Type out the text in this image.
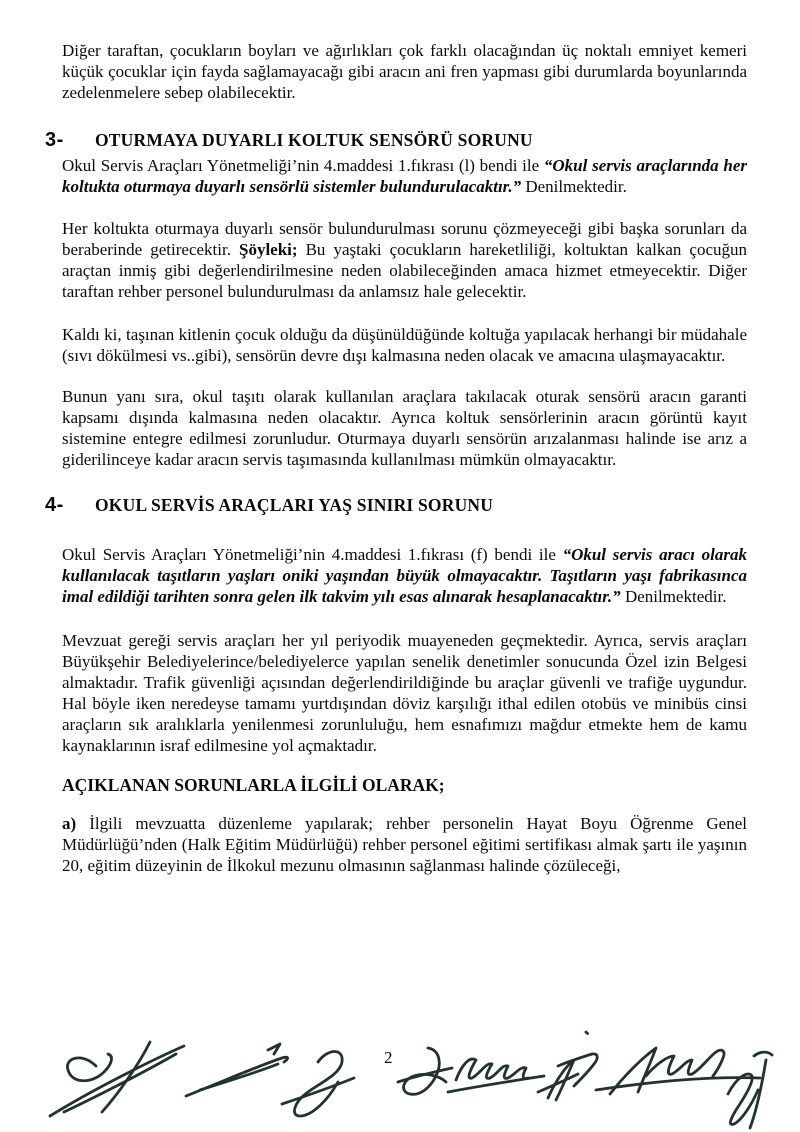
Diğer taraftan, çocukların boyları ve ağırlıkları çok farklı olacağından üç noktalı emniyet kemeri küçük çocuklar için fayda sağlamayacağı gibi aracın ani fren yapması gibi durumlarda boyunlarında zedelenmelere sebep olabilecektir.

3-	OTURMAYA DUYARLI KOLTUK SENSÖRÜ SORUNU

Okul Servis Araçları Yönetmeliği’nin 4.maddesi 1.fıkrası (l) bendi ile “Okul servis araçlarında her koltukta oturmaya duyarlı sensörlü sistemler bulundurulacaktır.” Denilmektedir.

Her koltukta oturmaya duyarlı sensör bulundurulması sorunu çözmeyeceği gibi başka sorunları da beraberinde getirecektir. Şöyleki; Bu yaştaki çocukların hareketliliği, koltuktan kalkan çocuğun araçtan inmiş gibi değerlendirilmesine neden olabileceğinden amaca hizmet etmeyecektir. Diğer taraftan rehber personel bulundurulması da anlamsız hale gelecektir.

Kaldı ki, taşınan kitlenin çocuk olduğu da düşünüldüğünde koltuğa yapılacak herhangi bir müdahale (sıvı dökülmesi vs..gibi), sensörün devre dışı kalmasına neden olacak ve amacına ulaşmayacaktır.

Bunun yanı sıra, okul taşıtı olarak kullanılan araçlara takılacak oturak sensörü aracın garanti kapsamı dışında kalmasına neden olacaktır. Ayrıca koltuk sensörlerinin aracın görüntü kayıt sistemine entegre edilmesi zorunludur. Oturmaya duyarlı sensörün arızalanması halinde ise arız a giderilinceye kadar aracın servis taşımasında kullanılması mümkün olmayacaktır.

4-	OKUL SERVİS ARAÇLARI YAŞ SINIRI SORUNU

Okul Servis Araçları Yönetmeliği’nin 4.maddesi 1.fıkrası (f) bendi ile “Okul servis aracı olarak kullanılacak taşıtların yaşları oniki yaşından büyük olmayacaktır. Taşıtların yaşı fabrikasınca imal edildiği tarihten sonra gelen ilk takvim yılı esas alınarak hesaplanacaktır.” Denilmektedir.

Mevzuat gereği servis araçları her yıl periyodik muayeneden geçmektedir. Ayrıca, servis araçları Büyükşehir Belediyelerince/belediyelerce yapılan senelik denetimler sonucunda Özel izin Belgesi almaktadır. Trafik güvenliği açısından değerlendirildiğinde bu araçlar güvenli ve trafiğe uygundur. Hal böyle iken neredeyse tamamı yurtdışından döviz karşılığı ithal edilen otobüs ve minibüs cinsi araçların sık aralıklarla yenilenmesi zorunluluğu, hem esnafımızı mağdur etmekte hem de kamu kaynaklarının israf edilmesine yol açmaktadır.

AÇIKLANAN SORUNLARLA İLGİLİ OLARAK;

a) İlgili mevzuatta düzenleme yapılarak; rehber personelin Hayat Boyu Öğrenme Genel Müdürlüğü’nden (Halk Eğitim Müdürlüğü) rehber personel eğitimi sertifikası almak şartı ile yaşının 20, eğitim düzeyinin de İlkokul mezunu olmasının sağlanması halinde çözüleceği,

2
